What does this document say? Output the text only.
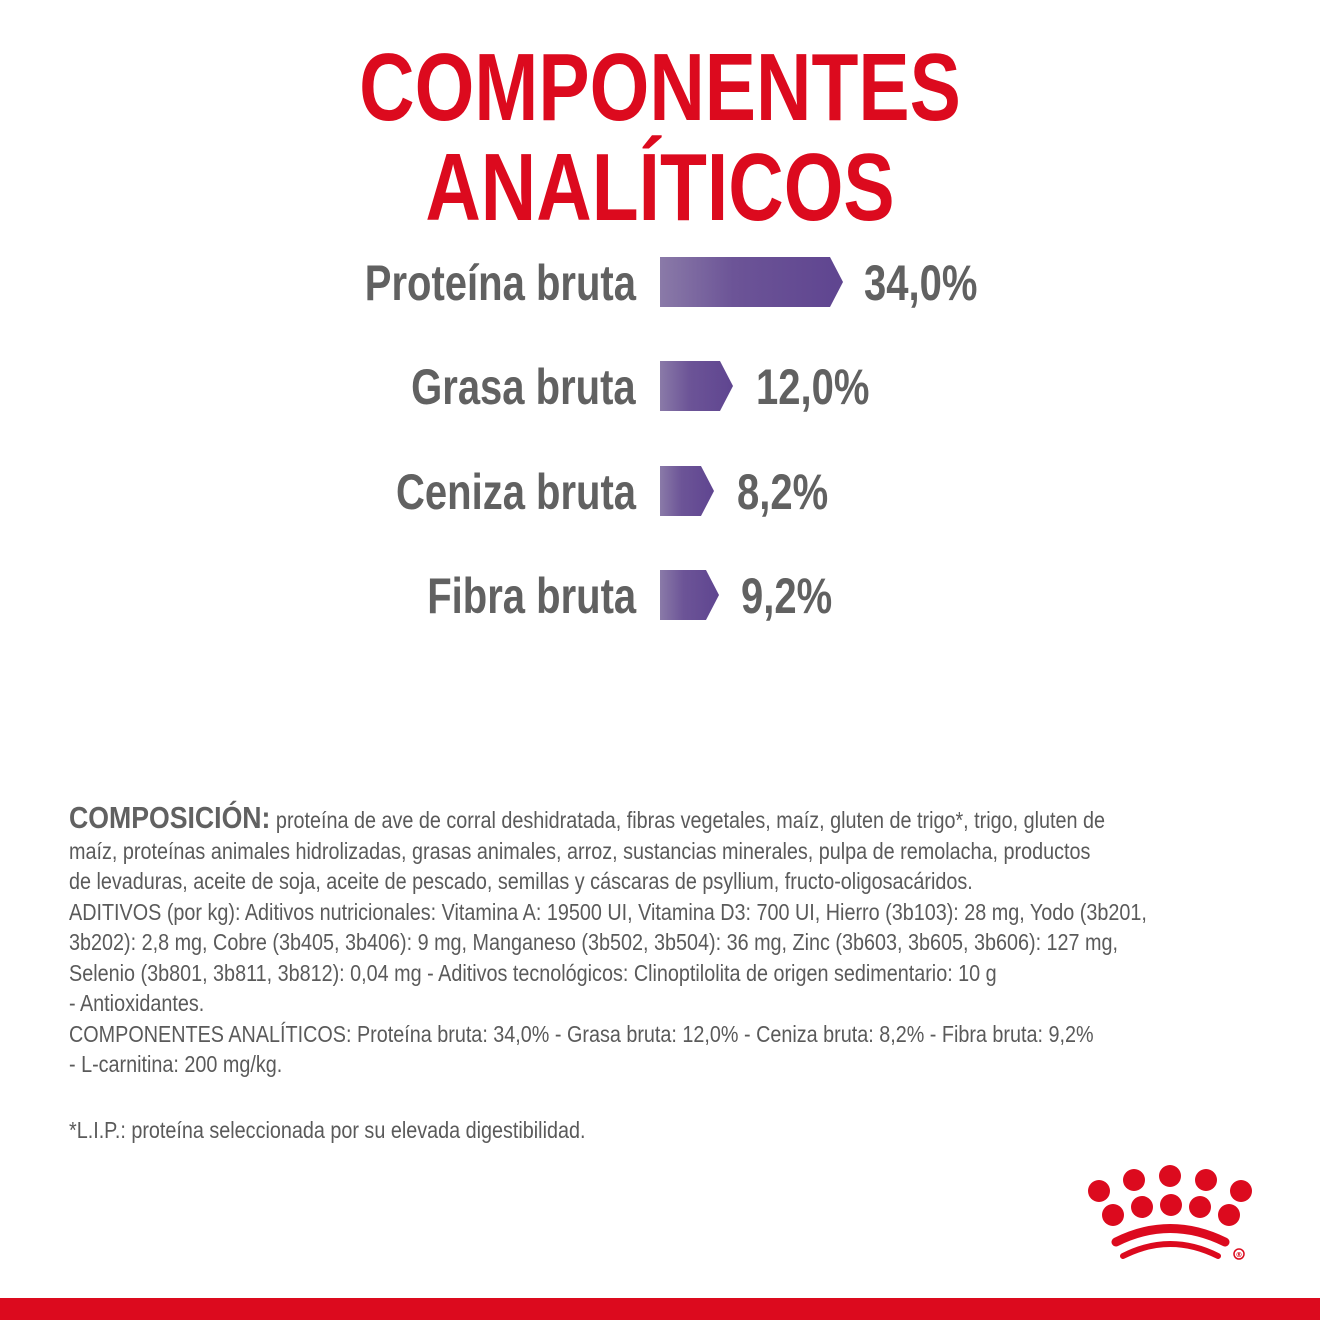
COMPONENTES ANALÍTICOS
Proteína bruta	34,0%
Grasa bruta 12,0%
Ceniza bruta 8,2%
Fibra bruta 9,2%
COMPOSICIÓN: proteína de ave de corral deshidratada, fibras vegetales, maíz, gluten de trigo*, trigo, gluten de
maíz, proteínas animales hidrolizadas, grasas animales, arroz, sustancias minerales, pulpa de remolacha, productos
de levaduras, aceite de soja, aceite de pescado, semillas y cáscaras de psyllium, fructo-oligosacáridos.
ADITIVOS (por kg): Aditivos nutricionales: Vitamina A: 19500 UI, Vitamina D3: 700 UI, Hierro (3b103): 28 mg, Yodo (3b201,
3b202): 2,8 mg, Cobre (3b405, 3b406): 9 mg, Manganeso (3b502, 3b504): 36 mg, Zinc (3b603, 3b605, 3b606): 127 mg,
Selenio (3b801, 3b811, 3b812): 0,04 mg - Aditivos tecnológicos: Clinoptilolita de origen sedimentario: 10 g
- Antioxidantes.
COMPONENTES ANALÍTICOS: Proteína bruta: 34,0% - Grasa bruta: 12,0% - Ceniza bruta: 8,2% - Fibra bruta: 9,2%
- L-carnitina: 200 mg/kg.
*L.I.P.: proteína seleccionada por su elevada digestibilidad.
®
